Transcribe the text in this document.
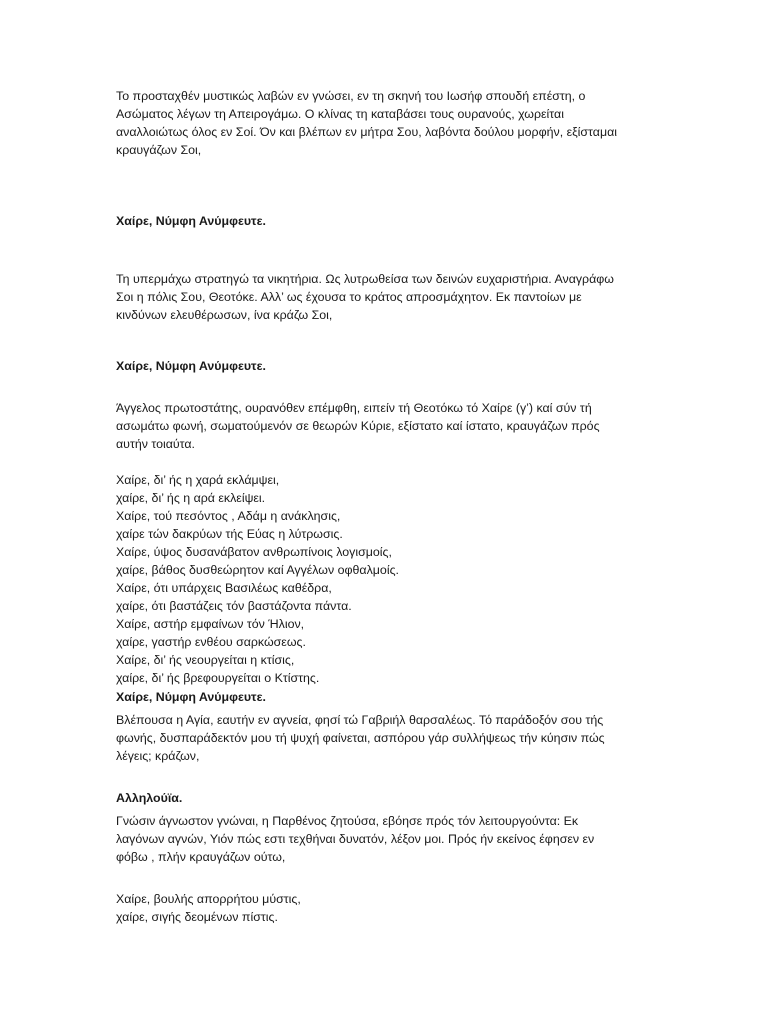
Το προσταχθέν μυστικώς λαβών εν γνώσει, εν τη σκηνή του Ιωσήφ σπουδή επέστη, ο
Ασώματος λέγων τη Απειρογάμω. Ο κλίνας τη καταβάσει τους ουρανούς, χωρείται
αναλλοιώτως όλος εν Σοί. Όν και βλέπων εν μήτρα Σου, λαβόντα δούλου μορφήν, εξίσταμαι
κραυγάζων Σοι,

Χαίρε, Νύμφη Ανύμφευτε.

Τη υπερμάχω στρατηγώ τα νικητήρια. Ως λυτρωθείσα των δεινών ευχαριστήρια. Αναγράφω
Σοι η πόλις Σου, Θεοτόκε. Αλλ’ ως έχουσα το κράτος απροσμάχητον. Εκ παντοίων με
κινδύνων ελευθέρωσων, ίνα κράζω Σοι,

Χαίρε, Νύμφη Ανύμφευτε.

Άγγελος πρωτοστάτης, ουρανόθεν επέμφθη, ειπείν τή Θεοτόκω τό Χαίρε (γ’) καί σύν τή
ασωμάτω φωνή, σωματούμενόν σε θεωρών Κύριε, εξίστατο καί ίστατο, κραυγάζων πρός
αυτήν τοιαύτα.

Χαίρε, δι’ ής η χαρά εκλάμψει,
χαίρε, δι’ ής η αρά εκλείψει.
Χαίρε, τού πεσόντος , Αδάμ η ανάκλησις,
χαίρε τών δακρύων τής Εύας η λύτρωσις.
Χαίρε, ύψος δυσανάβατον ανθρωπίνοις λογισμοίς,
χαίρε, βάθος δυσθεώρητον καί Αγγέλων οφθαλμοίς.
Χαίρε, ότι υπάρχεις Βασιλέως καθέδρα,
χαίρε, ότι βαστάζεις τόν βαστάζοντα πάντα.
Χαίρε, αστήρ εμφαίνων τόν Ήλιον,
χαίρε, γαστήρ ενθέου σαρκώσεως.
Χαίρε, δι’ ής νεουργείται η κτίσις,
χαίρε, δι’ ής βρεφουργείται ο Κτίστης.

Χαίρε, Νύμφη Ανύμφευτε.

Βλέπουσα η Αγία, εαυτήν εν αγνεία, φησί τώ Γαβριήλ θαρσαλέως. Τό παράδοξόν σου τής
φωνής, δυσπαράδεκτόν μου τή ψυχή φαίνεται, ασπόρου γάρ συλλήψεως τήν κύησιν πώς
λέγεις; κράζων,

Αλληλούϊα.

Γνώσιν άγνωστον γνώναι, η Παρθένος ζητούσα, εβόησε πρός τόν λειτουργούντα: Εκ
λαγόνων αγνών, Υιόν πώς εστι τεχθήναι δυνατόν, λέξον μοι. Πρός ήν εκείνος έφησεν εν
φόβω , πλήν κραυγάζων ούτω,

Χαίρε, βουλής απορρήτου μύστις,
χαίρε, σιγής δεομένων πίστις.
